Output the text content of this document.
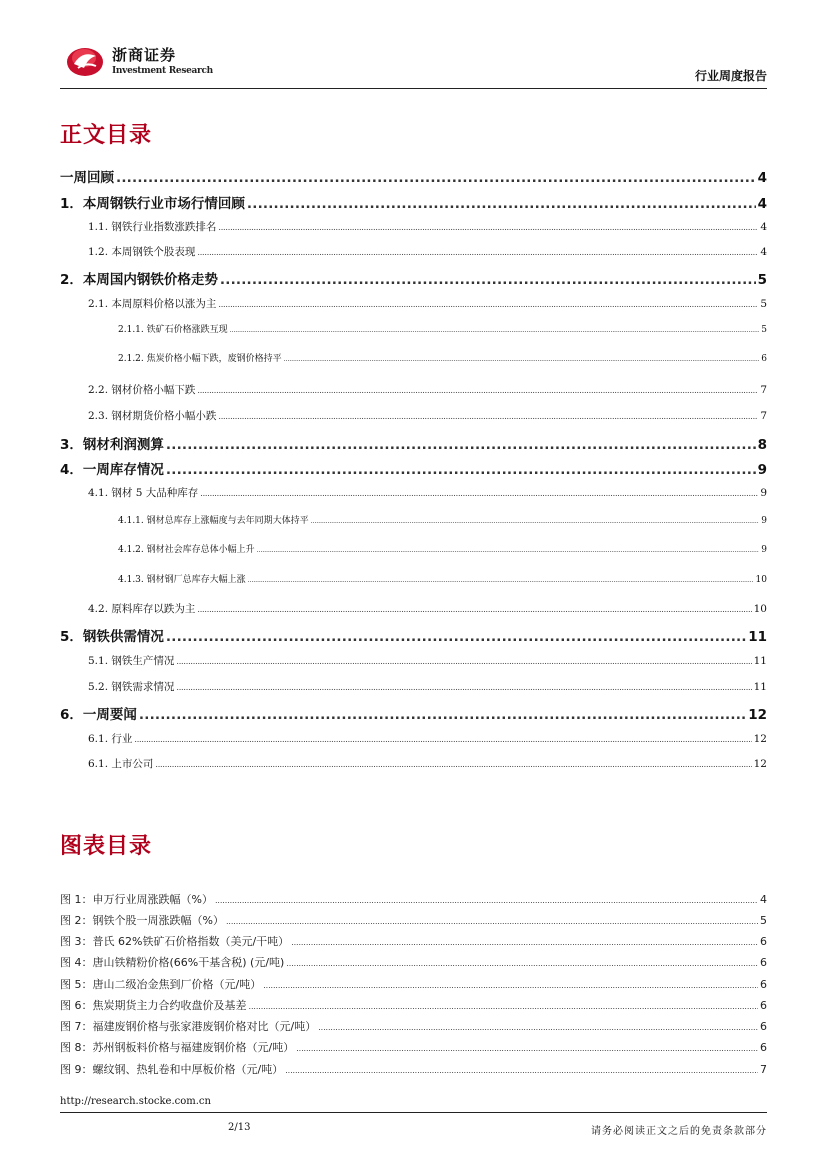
浙商证券
Investment Research	行业周度报告
正文目录
一周回顾 .....	4
1．本周钢铁行业市场行情回顾 .....	4
1.1. 钢铁行业指数涨跌排名 .....	4
1.2. 本周钢铁个股表现 .....	4
2．本周国内钢铁价格走势 .....	5
2.1. 本周原料价格以涨为主 .....	5
2.1.1. 铁矿石价格涨跌互现 .....	5
2.1.2. 焦炭价格小幅下跌，废钢价格持平 .....	6
2.2. 钢材价格小幅下跌 .....	7
2.3. 钢材期货价格小幅小跌 .....	7
3．钢材利润测算 .....	8
4．一周库存情况 .....	9
4.1. 钢材 5 大品种库存 .....	9
4.1.1. 钢材总库存上涨幅度与去年同期大体持平 .....	9
4.1.2. 钢材社会库存总体小幅上升 .....	9
4.1.3. 钢材钢厂总库存大幅上涨 .....	10
4.2. 原料库存以跌为主 .....	10
5．钢铁供需情况 .....	11
5.1. 钢铁生产情况 .....	11
5.2. 钢铁需求情况 .....	11
6．一周要闻 .....	12
6.1. 行业 .....	12
6.1. 上市公司 .....	12
图表目录
图 1：申万行业周涨跌幅（%） .....	4
图 2：钢铁个股一周涨跌幅（%） .....	5
图 3：普氏 62%铁矿石价格指数（美元/干吨） .....	6
图 4：唐山铁精粉价格(66%干基含税) (元/吨) .....	6
图 5：唐山二级冶金焦到厂价格（元/吨） .....	6
图 6：焦炭期货主力合约收盘价及基差 .....	6
图 7：福建废钢价格与张家港废钢价格对比（元/吨） .....	6
图 8：苏州钢板料价格与福建废钢价格（元/吨） .....	6
图 9：螺纹钢、热轧卷和中厚板价格（元/吨） .....	7
http://research.stocke.com.cn
2/13	请务必阅读正文之后的免责条款部分
